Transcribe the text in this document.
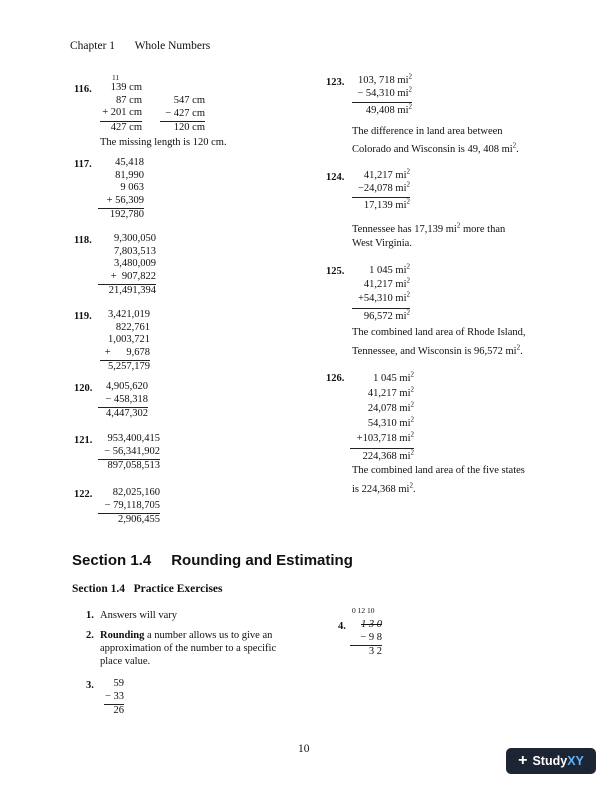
Chapter 1 Whole Numbers
11
116. 139 cm
87 cm
+ 201 cm
427 cm
547 cm
− 427 cm
120 cm
The missing length is 120 cm.
117. 45,418
81,990
9 063
+ 56,309
192,780
118. 9,300,050
7,803,513
3,480,009
+  907,822
21,491,394
119. 3,421,019
822,761
1,003,721
+      9,678
5,257,179
120. 4,905,620
− 458,318
4,447,302
121. 953,400,415
− 56,341,902
897,058,513
122. 82,025,160
− 79,118,705
2,906,455
123. 103, 718 $mi^2$
− 54,310 $mi^2$
49,408 $mi^2$
The difference in land area between
Colorado and Wisconsin is 49, 408 $mi^2$.
124. 41,217 $mi^2$
−24,078 $mi^2$
17,139 $mi^2$
Tennessee has 17,139 $mi^2$ more than
West Virginia.
125. 1 045 $mi^2$
41,217 $mi^2$
+54,310 $mi^2$
96,572 $mi^2$
The combined land area of Rhode Island,
Tennessee, and Wisconsin is 96,572 $mi^2$.
126.	1 045 $mi^2$
41,217 $mi^2$
24,078 $mi^2$
54,310 $mi^2$
+103,718 $mi^2$
224,368 $mi^2$
The combined land area of the five states
is 224,368 $mi^2$.
Section 1.4 Rounding and Estimating
Section 1.4   Practice Exercises
1. Answers will vary
2. Rounding a number allows us to give an
approximation of the number to a specific
place value.
3. 59
− 33
26
0 12 10
4. 1 3 0
− 9 8
3 2
10
+ Study XY
